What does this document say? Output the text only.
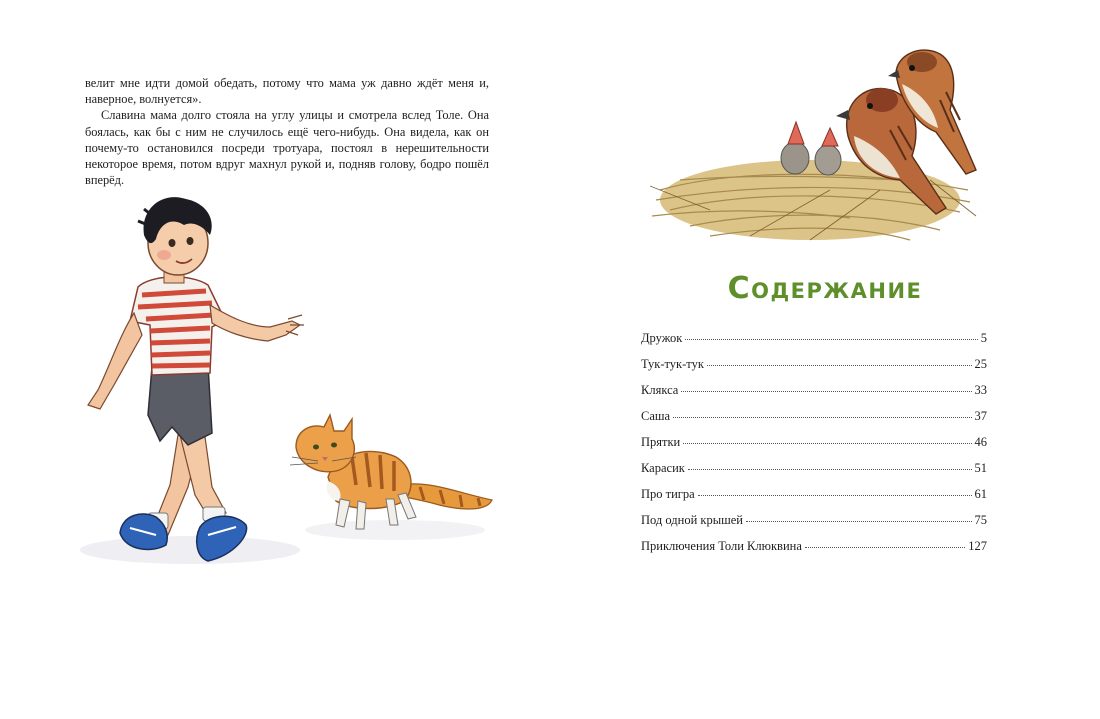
велит мне идти домой обедать, потому что мама уж давно ждёт меня и, наверное, волнуется».

Славина мама долго стояла на углу улицы и смотрела вслед Толе. Она боялась, как бы с ним не случилось ещё чего-нибудь. Она видела, как он почему-то остановился посреди тротуара, постоял в нерешительности некоторое время, потом вдруг махнул рукой и, подняв голову, бодро пошёл вперёд.

Содержание
Дружок	5
Тук-тук-тук	25
Клякса	33
Саша	37
Прятки	46
Карасик	51
Про тигра	61
Под одной крышей	75
Приключения Толи Клюквина	127
